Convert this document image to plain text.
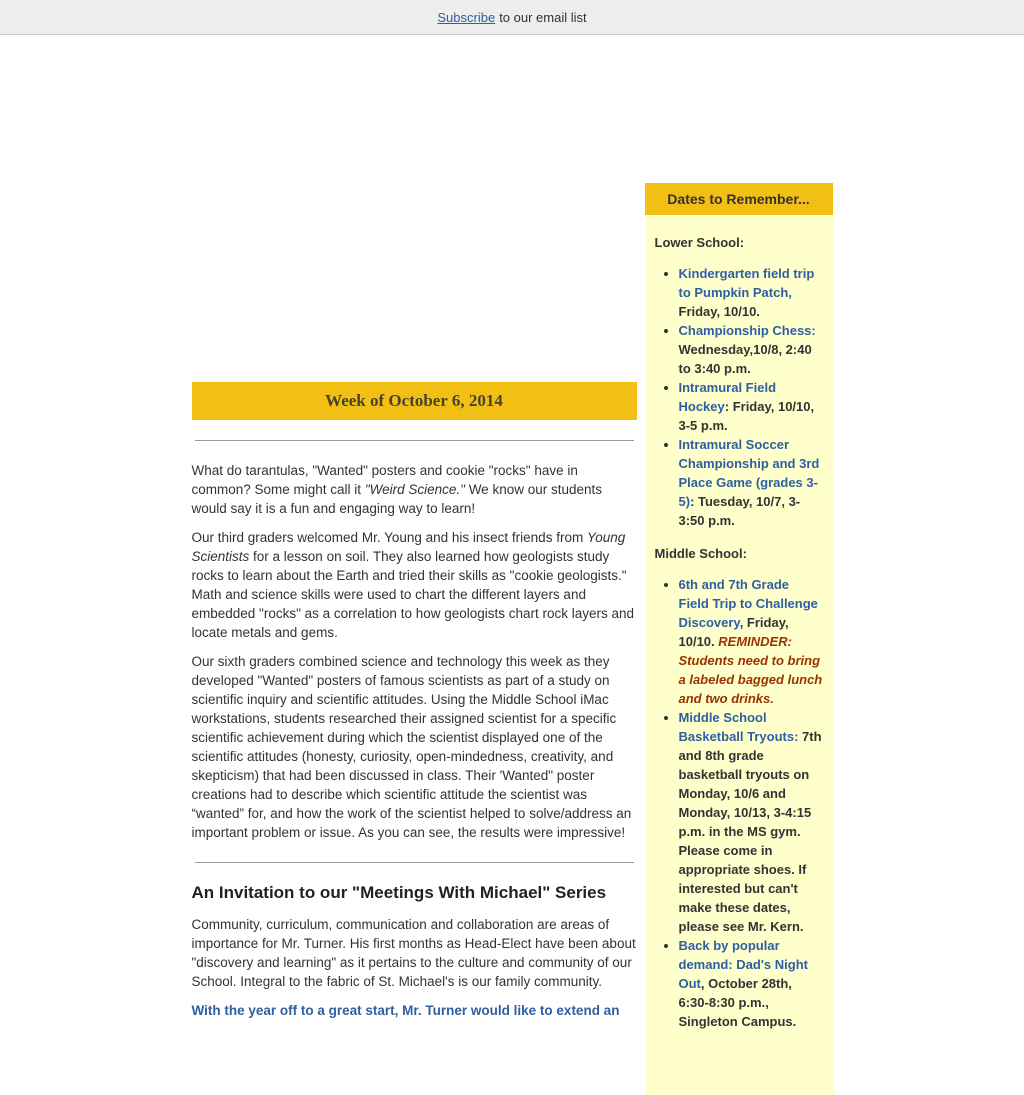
Subscribe to our email list
Week of October 6, 2014

What do tarantulas, "Wanted" posters and cookie "rocks" have in common? Some might call it "Weird Science." We know our students would say it is a fun and engaging way to learn!

Our third graders welcomed Mr. Young and his insect friends from Young Scientists for a lesson on soil. They also learned how geologists study rocks to learn about the Earth and tried their skills as "cookie geologists." Math and science skills were used to chart the different layers and embedded "rocks" as a correlation to how geologists chart rock layers and locate metals and gems.

Our sixth graders combined science and technology this week as they developed "Wanted" posters of famous scientists as part of a study on scientific inquiry and scientific attitudes. Using the Middle School iMac workstations, students researched their assigned scientist for a specific scientific achievement during which the scientist displayed one of the scientific attitudes (honesty, curiosity, open-mindedness, creativity, and skepticism) that had been discussed in class. Their 'Wanted" poster creations had to describe which scientific attitude the scientist was “wanted” for, and how the work of the scientist helped to solve/address an important problem or issue. As you can see, the results were impressive!

An Invitation to our "Meetings With Michael" Series

Community, curriculum, communication and collaboration are areas of importance for Mr. Turner. His first months as Head-Elect have been about "discovery and learning" as it pertains to the culture and community of our School. Integral to the fabric of St. Michael's is our family community.

With the year off to a great start, Mr. Turner would like to extend an

Dates to Remember...
Lower School:
• Kindergarten field trip to Pumpkin Patch, Friday, 10/10.
• Championship Chess: Wednesday,10/8, 2:40 to 3:40 p.m.
• Intramural Field Hockey: Friday, 10/10, 3-5 p.m.
• Intramural Soccer Championship and 3rd Place Game (grades 3-5): Tuesday, 10/7, 3-3:50 p.m.
Middle School:
• 6th and 7th Grade Field Trip to Challenge Discovery, Friday, 10/10. REMINDER: Students need to bring a labeled bagged lunch and two drinks.
• Middle School Basketball Tryouts: 7th and 8th grade basketball tryouts on Monday, 10/6 and Monday, 10/13, 3-4:15 p.m. in the MS gym. Please come in appropriate shoes. If interested but can't make these dates, please see Mr. Kern.
• Back by popular demand: Dad's Night Out, October 28th, 6:30-8:30 p.m., Singleton Campus.
